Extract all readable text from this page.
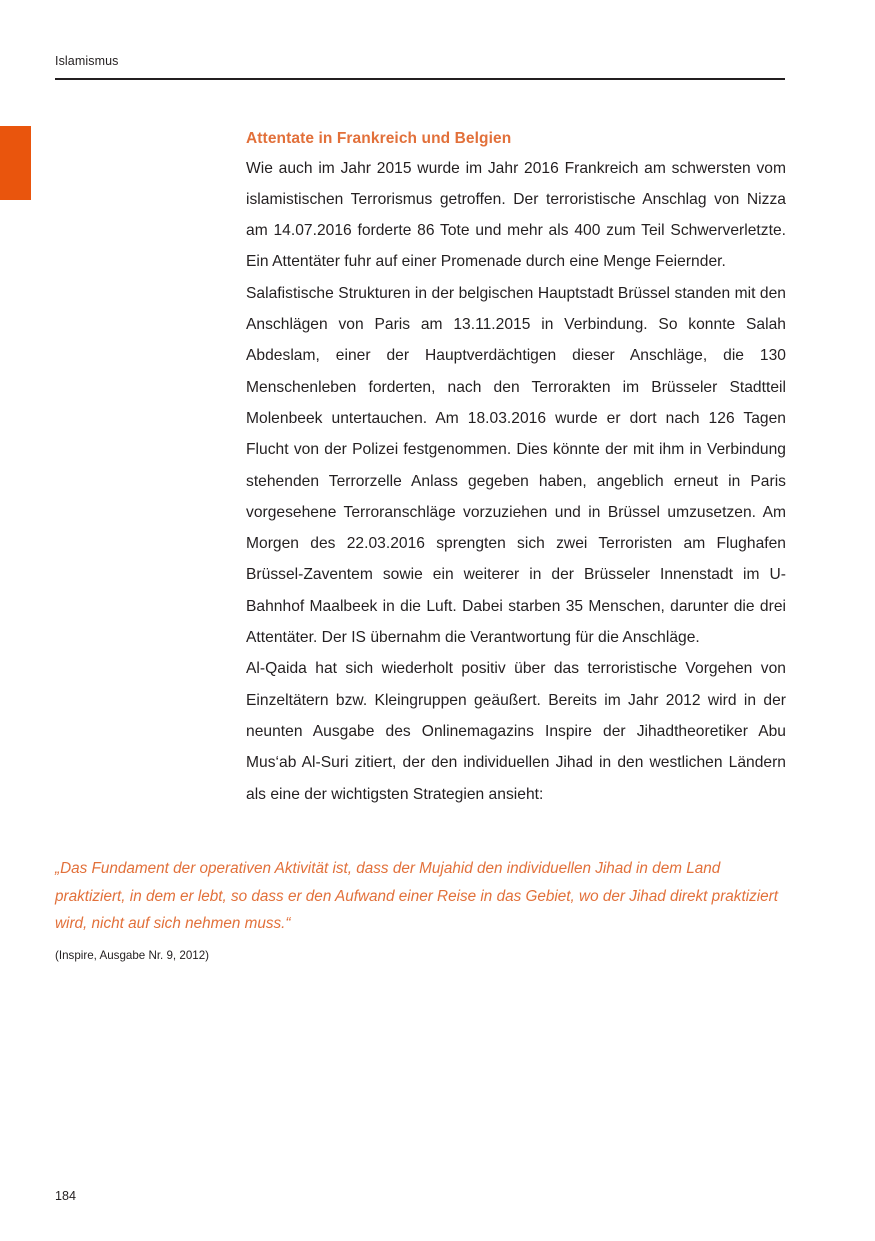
Islamismus
Attentate in Frankreich und Belgien

Wie auch im Jahr 2015 wurde im Jahr 2016 Frankreich am schwersten vom islamistischen Terrorismus getroffen. Der terroristische Anschlag von Nizza am 14.07.2016 forderte 86 Tote und mehr als 400 zum Teil Schwerverletzte. Ein Attentäter fuhr auf einer Promenade durch eine Menge Feiernder.

Salafistische Strukturen in der belgischen Hauptstadt Brüssel standen mit den Anschlägen von Paris am 13.11.2015 in Verbindung. So konnte Salah Abdeslam, einer der Hauptverdächtigen dieser Anschläge, die 130 Menschenleben forderten, nach den Terrorakten im Brüsseler Stadtteil Molenbeek untertauchen. Am 18.03.2016 wurde er dort nach 126 Tagen Flucht von der Polizei festgenommen. Dies könnte der mit ihm in Verbindung stehenden Terrorzelle Anlass gegeben haben, angeblich erneut in Paris vorgesehene Terroranschläge vorzuziehen und in Brüssel umzusetzen. Am Morgen des 22.03.2016 sprengten sich zwei Terroristen am Flughafen Brüssel-Zaventem sowie ein weiterer in der Brüsseler Innenstadt im U-Bahnhof Maalbeek in die Luft. Dabei starben 35 Menschen, darunter die drei Attentäter. Der IS übernahm die Verantwortung für die Anschläge.

Al-Qaida hat sich wiederholt positiv über das terroristische Vorgehen von Einzeltätern bzw. Kleingruppen geäußert. Bereits im Jahr 2012 wird in der neunten Ausgabe des Onlinemagazins Inspire der Jihadtheoretiker Abu Mus‘ab Al-Suri zitiert, der den individuellen Jihad in den westlichen Ländern als eine der wichtigsten Strategien ansieht:

„Das Fundament der operativen Aktivität ist, dass der Mujahid den individuellen Jihad in dem Land praktiziert, in dem er lebt, so dass er den Aufwand einer Reise in das Gebiet, wo der Jihad direkt praktiziert wird, nicht auf sich nehmen muss.“

(Inspire, Ausgabe Nr. 9, 2012)

184
